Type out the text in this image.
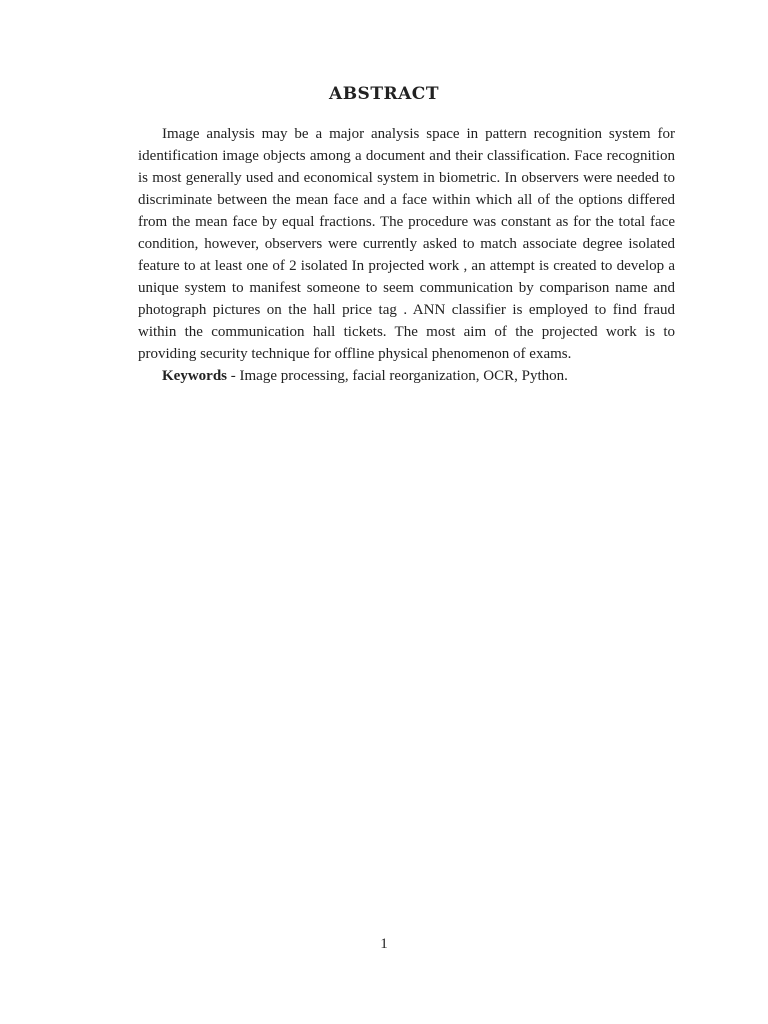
ABSTRACT

Image analysis may be a major analysis space in pattern recognition system for identification image objects among a document and their classification. Face recognition is most generally used and economical system in biometric. In observers were needed to discriminate between the mean face and a face within which all of the options differed from the mean face by equal fractions. The procedure was constant as for the total face condition, however, observers were currently asked to match associate degree isolated feature to at least one of 2 isolated In projected work , an attempt is created to develop a unique system to manifest someone to seem communication by comparison name and photograph pictures on the hall price tag . ANN classifier is employed to find fraud within the communication hall tickets. The most aim of the projected work is to providing security technique for offline physical phenomenon of exams.

Keywords - Image processing, facial reorganization, OCR, Python.

1
